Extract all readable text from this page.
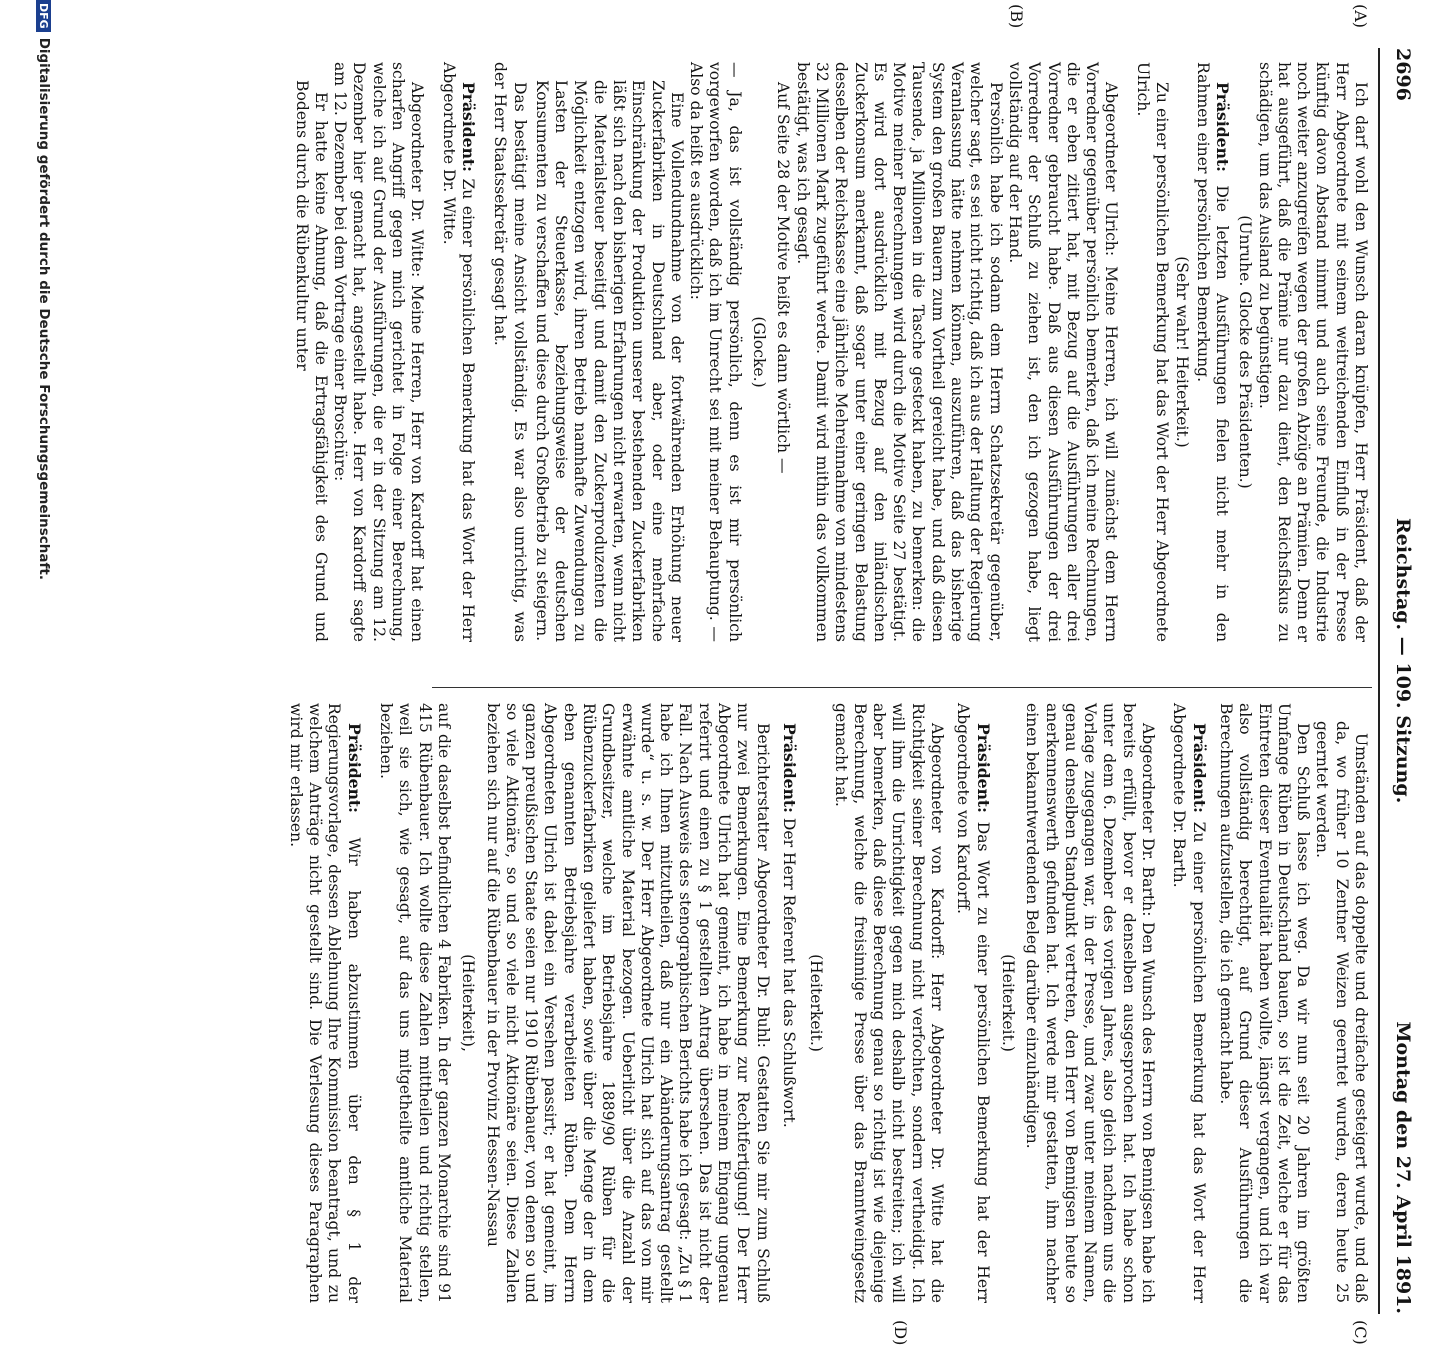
2696
Reichstag. — 109. Sitzung.
Montag den 27. April 1891.
(A)
(B)
(C)
(D)

Ich darf wohl den Wunsch daran knüpfen, Herr Präsident, daß der Herr Abgeordnete mit seinem weitreichenden Einfluß in der Presse künftig davon Abstand nimmt und auch seine Freunde, die Industrie noch weiter anzugreifen wegen der großen Abzüge an Prämien. Denn er hat ausgeführt, daß die Prämie nur dazu dient, den Reichsfiskus zu schädigen, um das Ausland zu begünstigen.

(Unruhe. Glocke des Präsidenten.)

Präsident: Die letzten Ausführungen fielen nicht mehr in den Rahmen einer persönlichen Bemerkung.

(Sehr wahr! Heiterkeit.)

Zu einer persönlichen Bemerkung hat das Wort der Herr Abgeordnete Ulrich.

Abgeordneter Ulrich: Meine Herren, ich will zunächst dem Herrn Vorredner gegenüber persönlich bemerken, daß ich meine Rechnungen, die er eben zitiert hat, mit Bezug auf die Ausführungen aller drei Vorredner gebraucht habe. Daß aus diesen Ausführungen der drei Vorredner der Schluß zu ziehen ist, den ich gezogen habe, liegt vollständig auf der Hand.

Persönlich habe ich sodann dem Herrn Schatzsekretär gegenüber, welcher sagt, es sei nicht richtig, daß ich aus der Haltung der Regierung Veranlassung hätte nehmen können, auszuführen, daß das bisherige System den großen Bauern zum Vortheil gereicht habe, und daß diesen Tausende, ja Millionen in die Tasche gesteckt haben, zu bemerken: die Motive meiner Berechnungen wird durch die Motive Seite 27 bestätigt. Es wird dort ausdrücklich mit Bezug auf den inländischen Zuckerkonsum anerkannt, daß sogar unter einer geringen Belastung desselben der Reichskasse eine jährliche Mehreinnahme von mindestens 32 Millionen Mark zugeführt werde. Damit wird mithin das vollkommen bestätigt, was ich gesagt.

Auf Seite 28 der Motive heißt es dann wörtlich —

(Glocke.)

— Ja, das ist vollständig persönlich, denn es ist mir persönlich vorgeworfen worden, daß ich im Unrecht sei mit meiner Behauptung. — Also da heißt es ausdrücklich:

Eine Vollendundnahme von der fortwährenden Erhöhung neuer Zuckerfabriken in Deutschland aber, oder eine mehrfache Einschränkung der Produktion unserer bestehenden Zuckerfabriken läßt sich nach den bisherigen Erfahrungen nicht erwarten, wenn nicht die Materialsteuer beseitigt und damit den Zuckerproduzenten die Möglichkeit entzogen wird, ihren Betrieb namhafte Zuwendungen zu Lasten der Steuerkasse, beziehungsweise der deutschen Konsumenten zu verschaffen und diese durch Großbetrieb zu steigern.

Das bestätigt meine Ansicht vollständig. Es war also unrichtig, was der Herr Staatssekretär gesagt hat.

Präsident: Zu einer persönlichen Bemerkung hat das Wort der Herr Abgeordnete Dr. Witte.

Abgeordneter Dr. Witte: Meine Herren, Herr von Kardorff hat einen scharfen Angriff gegen mich gerichtet in Folge einer Berechnung, welche ich auf Grund der Ausführungen, die er in der Sitzung am 12. Dezember hier gemacht hat, angestellt habe. Herr von Kardorff sagte am 12. Dezember bei dem Vortrage einer Broschüre:

Er hatte keine Ahnung, daß die Ertragsfähigkeit des Grund und Bodens durch die Rübenkultur unter

Umständen auf das doppelte und dreifache gesteigert wurde, und daß da, wo früher 10 Zentner Weizen geerntet wurden, deren heute 25 geerntet werden.

Den Schluß lasse ich weg. Da wir nun seit 20 Jahren im größten Umfange Rüben in Deutschland bauen, so ist die Zeit, welche er für das Eintreten dieser Eventualität haben wollte, längst vergangen, und ich war also vollständig berechtigt, auf Grund dieser Ausführungen die Berechnungen aufzustellen, die ich gemacht habe.

Präsident: Zu einer persönlichen Bemerkung hat das Wort der Herr Abgeordnete Dr. Barth.

Abgeordneter Dr. Barth: Den Wunsch des Herrn von Bennigsen habe ich bereits erfüllt, bevor er denselben ausgesprochen hat. Ich habe schon unter dem 6. Dezember des vorigen Jahres, also gleich nachdem uns die Vorlage zugegangen war, in der Presse, und zwar unter meinem Namen, genau denselben Standpunkt vertreten, den Herr von Bennigsen heute so anerkennenswerth gefunden hat. Ich werde mir gestatten, ihm nachher einen bekanntwerdenden Beleg darüber einzuhändigen.

(Heiterkeit.)

Präsident: Das Wort zu einer persönlichen Bemerkung hat der Herr Abgeordnete von Kardorff.

Abgeordneter von Kardorff: Herr Abgeordneter Dr. Witte hat die Richtigkeit seiner Berechnung nicht verfochten, sondern vertheidigt. Ich will ihm die Unrichtigkeit gegen mich deshalb nicht bestreiten; ich will aber bemerken, daß diese Berechnung genau so richtig ist wie diejenige Berechnung, welche die freisinnige Presse über das Branntweingesetz gemacht hat.

(Heiterkeit.)

Präsident: Der Herr Referent hat das Schlußwort.

Berichterstatter Abgeordneter Dr. Buhl: Gestatten Sie mir zum Schluß nur zwei Bemerkungen. Eine Bemerkung zur Rechtfertigung! Der Herr Abgeordnete Ulrich hat gemeint, ich habe in meinem Eingang ungenau referirt und einen zu § 1 gestellten Antrag übersehen. Das ist nicht der Fall. Nach Ausweis des stenographischen Berichts habe ich gesagt: „Zu § 1 habe ich Ihnen mitzutheilen, daß nur ein Abänderungsantrag gestellt wurde“ u. s. w. Der Herr Abgeordnete Ulrich hat sich auf das von mir erwähnte amtliche Material bezogen. Ueberlicht über die Anzahl der Grundbesitzer, welche im Betriebsjahre 1889/90 Rüben für die Rübenzuckerfabriken geliefert haben, sowie über die Menge der in dem eben genannten Betriebsjahre verarbeiteten Rüben. Dem Herrn Abgeordneten Ulrich ist dabei ein Versehen passirt; er hat gemeint, im ganzen preußischen Staate seien nur 1910 Rübenbauer, von denen so und so viele Aktionäre, so und so viele nicht Aktionäre seien. Diese Zahlen beziehen sich nur auf die Rübenbauer in der Provinz Hessen-Nassau

(Heiterkeit),

auf die daselbst befindlichen 4 Fabriken. In der ganzen Monarchie sind 91 415 Rübenbauer. Ich wollte diese Zahlen mittheilen und richtig stellen, weil sie sich, wie gesagt, auf das uns mitgetheilte amtliche Material beziehen.

Präsident: Wir haben abzustimmen über den § 1 der Regierungsvorlage, dessen Ablehnung Ihre Kommission beantragt, und zu welchem Anträge nicht gestellt sind. Die Verlesung dieses Paragraphen wird mir erlassen.

DFGDigitalisierung gefördert durch die Deutsche Forschungsgemeinschaft.
